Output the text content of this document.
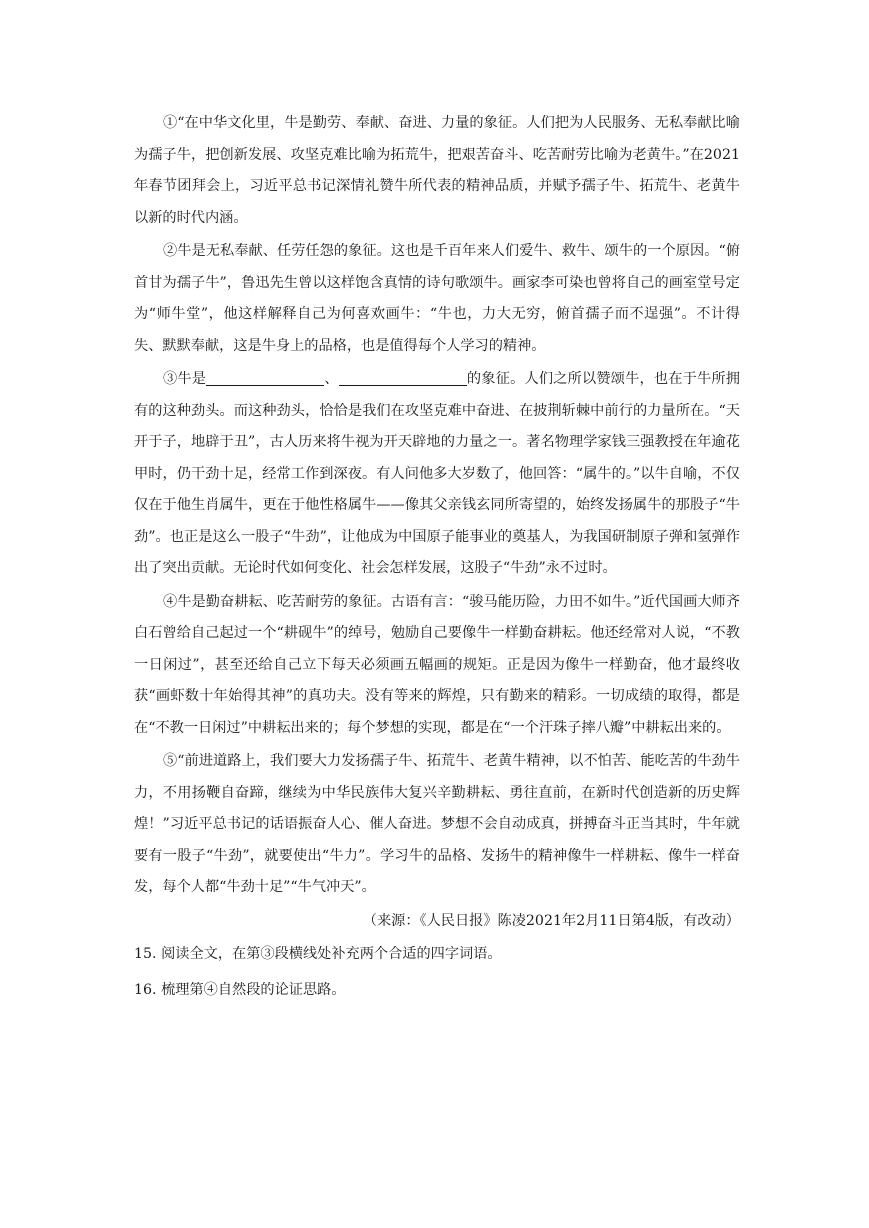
①“在中华文化里，牛是勤劳、奉献、奋进、力量的象征。人们把为人民服务、无私奉献比喻为孺子牛，把创新发展、攻坚克难比喻为拓荒牛，把艰苦奋斗、吃苦耐劳比喻为老黄牛。”在2021年春节团拜会上，习近平总书记深情礼赞牛所代表的精神品质，并赋予孺子牛、拓荒牛、老黄牛以新的时代内涵。

②牛是无私奉献、任劳任怨的象征。这也是千百年来人们爱牛、救牛、颂牛的一个原因。“俯首甘为孺子牛”，鲁迅先生曾以这样饱含真情的诗句歌颂牛。画家李可染也曾将自己的画室堂号定为“师牛堂”，他这样解释自己为何喜欢画牛：“牛也，力大无穷，俯首孺子而不逞强”。不计得失、默默奉献，这是牛身上的品格，也是值得每个人学习的精神。

③牛是	、	的象征。人们之所以赞颂牛，也在于牛所拥有的这种劲头。而这种劲头，恰恰是我们在攻坚克难中奋进、在披荆斩棘中前行的力量所在。“天开于子，地辟于丑”，古人历来将牛视为开天辟地的力量之一。著名物理学家钱三强教授在年逾花甲时，仍干劲十足，经常工作到深夜。有人问他多大岁数了，他回答：“属牛的。”以牛自喻，不仅仅在于他生肖属牛，更在于他性格属牛——像其父亲钱玄同所寄望的，始终发扬属牛的那股子“牛劲”。也正是这么一股子“牛劲”，让他成为中国原子能事业的奠基人，为我国研制原子弹和氢弹作出了突出贡献。无论时代如何变化、社会怎样发展，这股子“牛劲”永不过时。

④牛是勤奋耕耘、吃苦耐劳的象征。古语有言：“骏马能历险，力田不如牛。”近代国画大师齐白石曾给自己起过一个“耕砚牛”的绰号，勉励自己要像牛一样勤奋耕耘。他还经常对人说，“不教一日闲过”，甚至还给自己立下每天必须画五幅画的规矩。正是因为像牛一样勤奋，他才最终收获“画虾数十年始得其神”的真功夫。没有等来的辉煌，只有勤来的精彩。一切成绩的取得，都是在“不教一日闲过”中耕耘出来的；每个梦想的实现，都是在“一个汗珠子摔八瓣”中耕耘出来的。

⑤“前进道路上，我们要大力发扬孺子牛、拓荒牛、老黄牛精神，以不怕苦、能吃苦的牛劲牛力，不用扬鞭自奋蹄，继续为中华民族伟大复兴辛勤耕耘、勇往直前，在新时代创造新的历史辉煌！”习近平总书记的话语振奋人心、催人奋进。梦想不会自动成真，拼搏奋斗正当其时，牛年就要有一股子“牛劲”，就要使出“牛力”。学习牛的品格、发扬牛的精神像牛一样耕耘、像牛一样奋发，每个人都“牛劲十足”“牛气冲天”。

（来源：《人民日报》陈凌2021年2月11日第4版，有改动）

15. 阅读全文，在第③段横线处补充两个合适的四字词语。

16. 梳理第④自然段的论证思路。
